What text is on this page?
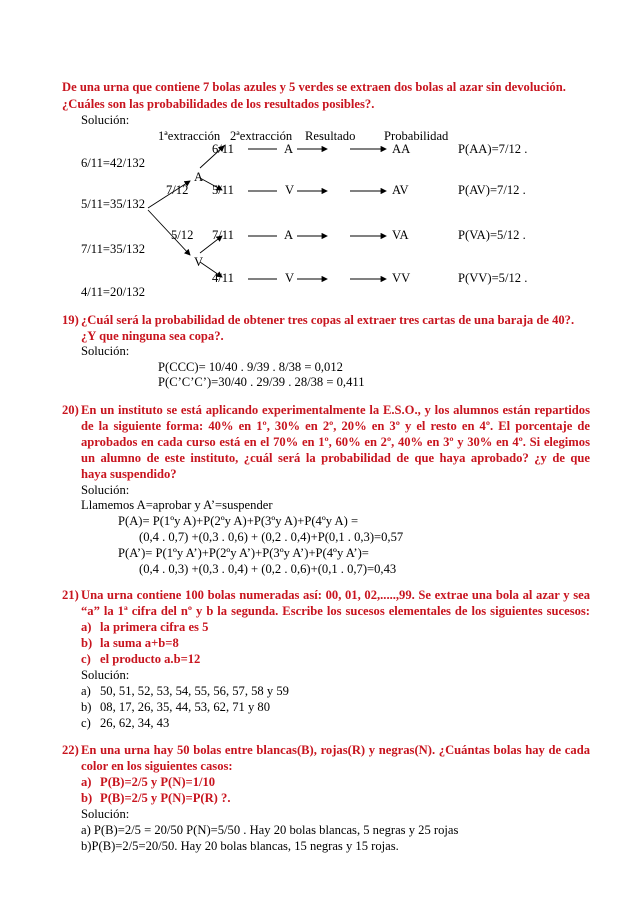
De una urna que contiene 7 bolas azules y 5 verdes se extraen dos bolas al azar sin devolución.
¿Cuáles son las probabilidades de los resultados posibles?.
Solución:
1ªextracción 2ªextracción Resultado Probabilidad
6/11	A	AA	P(AA)=7/12 .
6/11=42/132
A
7/12 5/11	V	AV	P(AV)=7/12 .
5/11=35/132
5/12 7/11	A	VA	P(VA)=5/12 .
7/11=35/132
V
4/11	V	VV	P(VV)=5/12 .
4/11=20/132
19) ¿Cuál será la probabilidad de obtener tres copas al extraer tres cartas de una baraja de 40?.
¿Y que ninguna sea copa?.
Solución:
P(CCC)= 10/40 . 9/39 . 8/38 = 0,012
P(C’C’C’)=30/40 . 29/39 . 28/38 = 0,411
20) En un instituto se está aplicando experimentalmente la E.S.O., y los alumnos están repartidos
de la siguiente forma: 40% en 1º, 30% en 2º, 20% en 3º y el resto en 4º. El porcentaje de
aprobados en cada curso está en el 70% en 1º, 60% en 2º, 40% en 3º y 30% en 4º. Si elegimos
un alumno de este instituto, ¿cuál será la probabilidad de que haya aprobado? ¿y de que
haya suspendido?
Solución:
Llamemos A=aprobar y A’=suspender
P(A)= P(1ºy A)+P(2ºy A)+P(3ºy A)+P(4ºy A) =
(0,4 . 0,7) +(0,3 . 0,6) + (0,2 . 0,4)+P(0,1 . 0,3)=0,57
P(A’)= P(1ºy A’)+P(2ºy A’)+P(3ºy A’)+P(4ºy A’)=
(0,4 . 0,3) +(0,3 . 0,4) + (0,2 . 0,6)+(0,1 . 0,7)=0,43
21) Una urna contiene 100 bolas numeradas así: 00, 01, 02,.....,99. Se extrae una bola al azar y sea
“a” la 1ª cifra del nº y b la segunda. Escribe los sucesos elementales de los siguientes sucesos:
a) la primera cifra es 5
b) la suma a+b=8
c) el producto a.b=12
Solución:
a) 50, 51, 52, 53, 54, 55, 56, 57, 58 y 59
b) 08, 17, 26, 35, 44, 53, 62, 71 y 80
c) 26, 62, 34, 43
22) En una urna hay 50 bolas entre blancas(B), rojas(R) y negras(N). ¿Cuántas bolas hay de cada
color en los siguientes casos:
a) P(B)=2/5 y P(N)=1/10
b) P(B)=2/5 y P(N)=P(R) ?.
Solución:
a) P(B)=2/5 = 20/50 P(N)=5/50 . Hay 20 bolas blancas, 5 negras y 25 rojas
b)P(B)=2/5=20/50. Hay 20 bolas blancas, 15 negras y 15 rojas.
